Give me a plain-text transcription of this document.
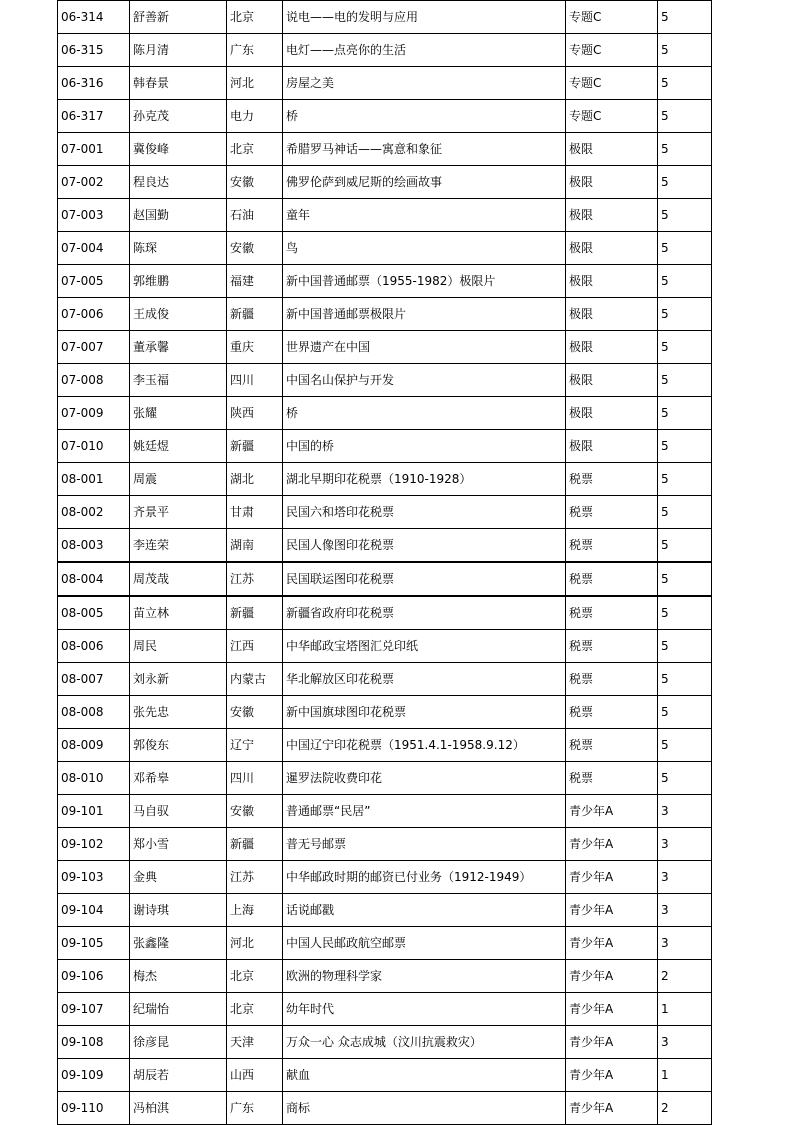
06-314	舒善新	北京	说电——电的发明与应用	专题C	5
06-315	陈月清	广东	电灯——点亮你的生活	专题C	5
06-316	韩春景	河北	房屋之美	专题C	5
06-317	孙克茂	电力	桥	专题C	5
07-001	冀俊峰	北京	希腊罗马神话——寓意和象征	极限	5
07-002	程良达	安徽	佛罗伦萨到威尼斯的绘画故事	极限	5
07-003	赵国勤	石油	童年	极限	5
07-004	陈琛	安徽	鸟	极限	5
07-005	郭维鹏	福建	新中国普通邮票（1955-1982）极限片	极限	5
07-006	王成俊	新疆	新中国普通邮票极限片	极限	5
07-007	董承馨	重庆	世界遗产在中国	极限	5
07-008	李玉福	四川	中国名山保护与开发	极限	5
07-009	张耀	陕西	桥	极限	5
07-010	姚廷煜	新疆	中国的桥	极限	5
08-001	周震	湖北	湖北早期印花税票（1910-1928）	税票	5
08-002	齐景平	甘肃	民国六和塔印花税票	税票	5
08-003	李连荣	湖南	民国人像图印花税票	税票	5
08-004	周茂哉	江苏	民国联运图印花税票	税票	5
08-005	苗立林	新疆	新疆省政府印花税票	税票	5
08-006	周民	江西	中华邮政宝塔图汇兑印纸	税票	5
08-007	刘永新	内蒙古	华北解放区印花税票	税票	5
08-008	张先忠	安徽	新中国旗球图印花税票	税票	5
08-009	郭俊东	辽宁	中国辽宁印花税票（1951.4.1-1958.9.12）	税票	5
08-010	邓希皋	四川	暹罗法院收费印花	税票	5
09-101	马自驭	安徽	普通邮票“民居”	青少年A	3
09-102	郑小雪	新疆	普无号邮票	青少年A	3
09-103	金典	江苏	中华邮政时期的邮资已付业务（1912-1949）	青少年A	3
09-104	谢诗琪	上海	话说邮戳	青少年A	3
09-105	张鑫隆	河北	中国人民邮政航空邮票	青少年A	3
09-106	梅杰	北京	欧洲的物理科学家	青少年A	2
09-107	纪瑞怡	北京	幼年时代	青少年A	1
09-108	徐彦昆	天津	万众一心 众志成城（汶川抗震救灾）	青少年A	3
09-109	胡辰若	山西	献血	青少年A	1
09-110	冯柏淇	广东	商标	青少年A	2
